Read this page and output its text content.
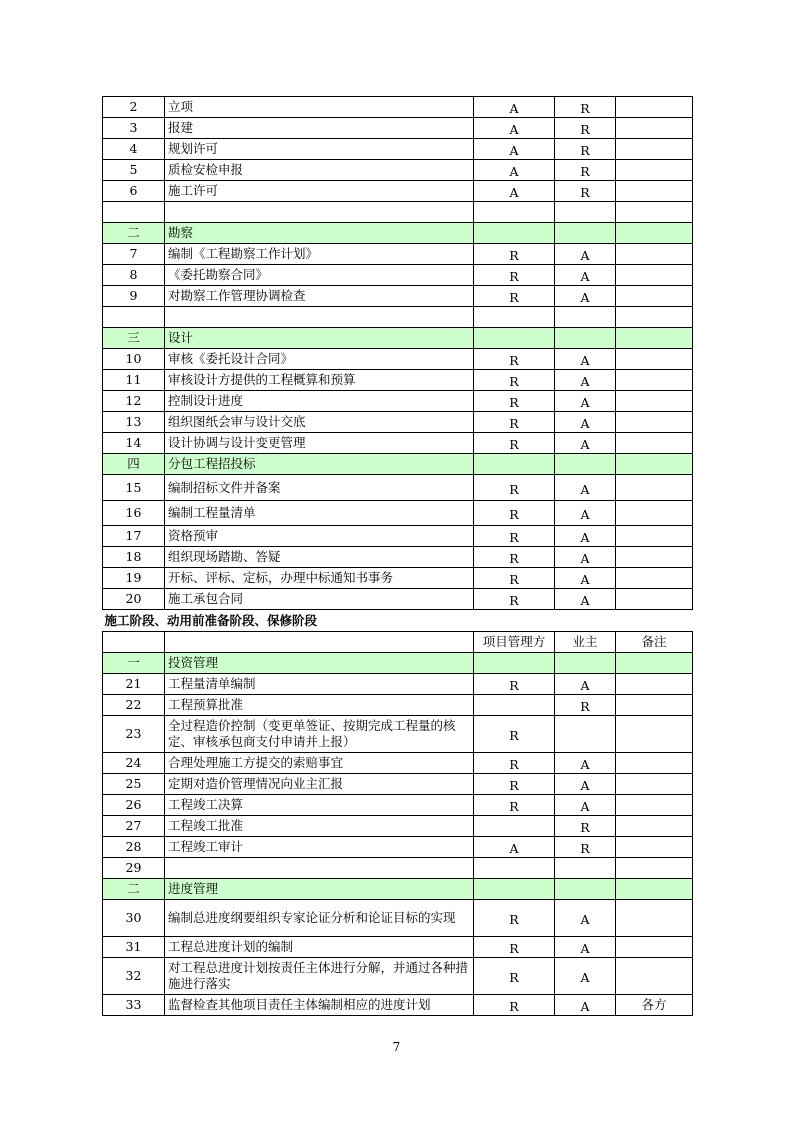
2	立项	A	R	
3	报建	A	R	
4	规划许可	A	R	
5	质检安检申报	A	R	
6	施工许可	A	R	

二	勘察			
7	编制《工程勘察工作计划》	R	A	
8	《委托勘察合同》	R	A	
9	对勘察工作管理协调检查	R	A	

三	设计			
10	审核《委托设计合同》	R	A	
11	审核设计方提供的工程概算和预算	R	A	
12	控制设计进度	R	A	
13	组织图纸会审与设计交底	R	A	
14	设计协调与设计变更管理	R	A	
四	分包工程招投标			
15	编制招标文件并备案	R	A	
16	编制工程量清单	R	A	
17	资格预审	R	A	
18	组织现场踏勘、答疑	R	A	
19	开标、评标、定标，办理中标通知书事务	R	A	
20	施工承包合同	R	A	
施工阶段、动用前准备阶段、保修阶段				
		项目管理方	业主	备注
一	投资管理			
21	工程量清单编制	R	A	
22	工程预算批准		R	
23	全过程造价控制（变更单签证、按期完成工程量的核定、审核承包商支付申请并上报）	R		
24	合理处理施工方提交的索赔事宜	R	A	
25	定期对造价管理情况向业主汇报	R	A	
26	工程竣工决算	R	A	
27	工程竣工批准		R	
28	工程竣工审计	A	R	
29				
二	进度管理			
30	编制总进度纲要组织专家论证分析和论证目标的实现	R	A	
31	工程总进度计划的编制	R	A	
32	对工程总进度计划按责任主体进行分解，并通过各种措施进行落实	R	A	
33	监督检查其他项目责任主体编制相应的进度计划	R	A	各方
7
